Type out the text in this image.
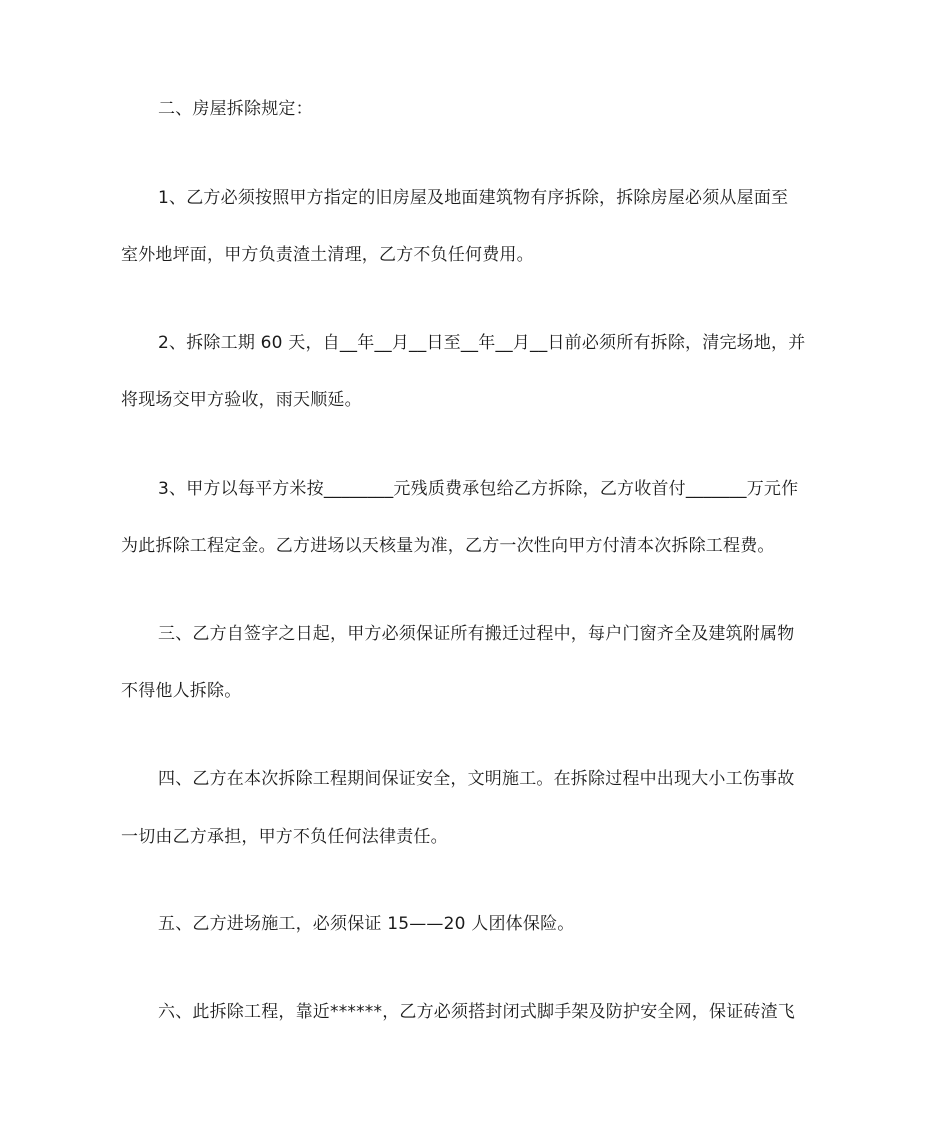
二、房屋拆除规定：
1、乙方必须按照甲方指定的旧房屋及地面建筑物有序拆除，拆除房屋必须从屋面至
室外地坪面，甲方负责渣土清理，乙方不负任何费用。
2、拆除工期 60 天，自__年__月__日至__年__月__日前必须所有拆除，清完场地，并
将现场交甲方验收，雨天顺延。
3、甲方以每平方米按________元残质费承包给乙方拆除，乙方收首付_______万元作
为此拆除工程定金。乙方进场以天核量为准，乙方一次性向甲方付清本次拆除工程费。
三、乙方自签字之日起，甲方必须保证所有搬迁过程中，每户门窗齐全及建筑附属物
不得他人拆除。
四、乙方在本次拆除工程期间保证安全，文明施工。在拆除过程中出现大小工伤事故
一切由乙方承担，甲方不负任何法律责任。
五、乙方进场施工，必须保证 15——20 人团体保险。
六、此拆除工程，靠近******，乙方必须搭封闭式脚手架及防护安全网，保证砖渣飞
